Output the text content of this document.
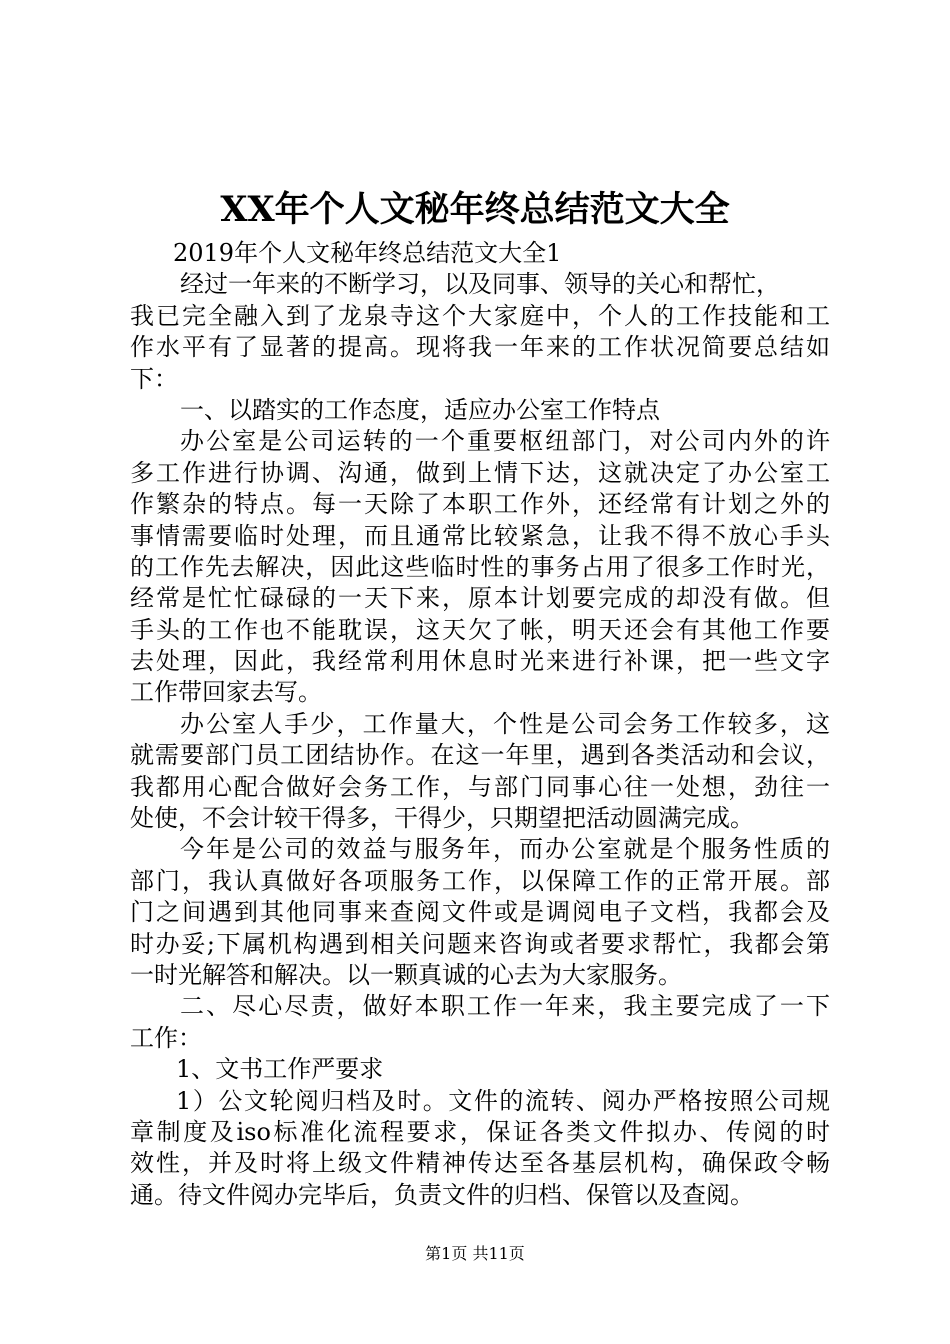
XX年个人文秘年终总结范文大全
2019年个人文秘年终总结范文大全1
经过一年来的不断学习，以及同事、领导的关心和帮忙，
我已完全融入到了龙泉寺这个大家庭中，个人的工作技能和工
作水平有了显著的提高。现将我一年来的工作状况简要总结如
下：
一、以踏实的工作态度，适应办公室工作特点
办公室是公司运转的一个重要枢纽部门，对公司内外的许
多工作进行协调、沟通，做到上情下达，这就决定了办公室工
作繁杂的特点。每一天除了本职工作外，还经常有计划之外的
事情需要临时处理，而且通常比较紧急，让我不得不放心手头
的工作先去解决，因此这些临时性的事务占用了很多工作时光，
经常是忙忙碌碌的一天下来，原本计划要完成的却没有做。但
手头的工作也不能耽误，这天欠了帐，明天还会有其他工作要
去处理，因此，我经常利用休息时光来进行补课，把一些文字
工作带回家去写。
办公室人手少，工作量大，个性是公司会务工作较多，这
就需要部门员工团结协作。在这一年里，遇到各类活动和会议，
我都用心配合做好会务工作，与部门同事心往一处想，劲往一
处使，不会计较干得多，干得少，只期望把活动圆满完成。
今年是公司的效益与服务年，而办公室就是个服务性质的
部门，我认真做好各项服务工作，以保障工作的正常开展。部
门之间遇到其他同事来查阅文件或是调阅电子文档，我都会及
时办妥;下属机构遇到相关问题来咨询或者要求帮忙，我都会第
一时光解答和解决。以一颗真诚的心去为大家服务。
二、尽心尽责，做好本职工作一年来，我主要完成了一下
工作：
1、文书工作严要求
1）公文轮阅归档及时。文件的流转、阅办严格按照公司规
章制度及iso标准化流程要求，保证各类文件拟办、传阅的时
效性，并及时将上级文件精神传达至各基层机构，确保政令畅
通。待文件阅办完毕后，负责文件的归档、保管以及查阅。
第1页 共11页
